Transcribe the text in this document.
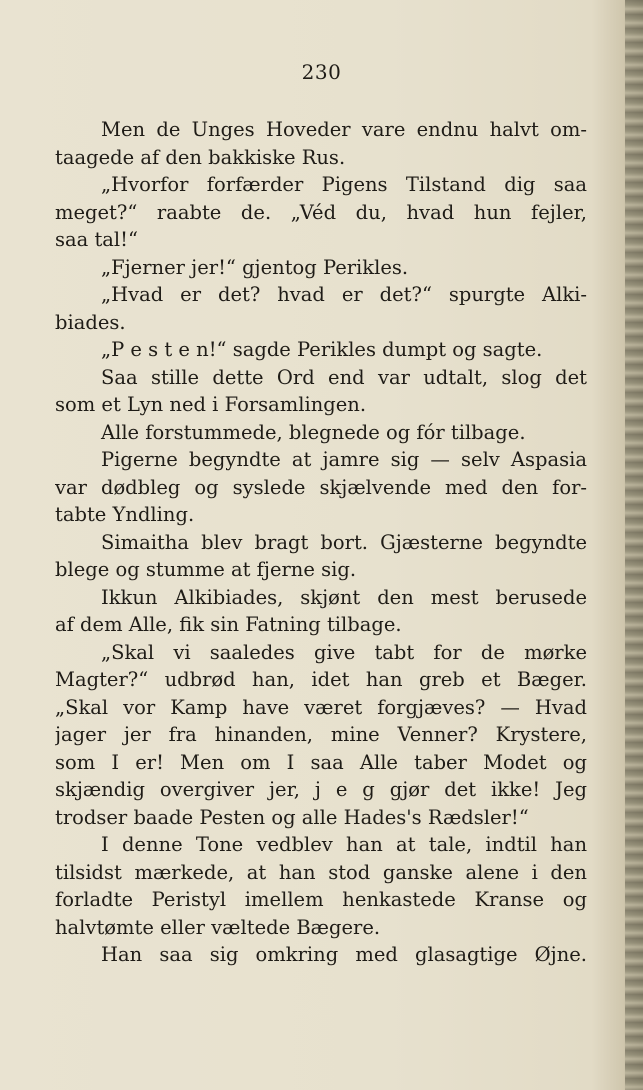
230
Men de Unges Hoveder vare endnu halvt om-
taagede af den bakkiske Rus.
„Hvorfor forfærder Pigens Tilstand dig saa
meget?“ raabte de. „Véd du, hvad hun fejler,
saa tal!“
„Fjerner jer!“ gjentog Perikles.
„Hvad er det? hvad er det?“ spurgte Alki-
biades.
„P e s t e n!“ sagde Perikles dumpt og sagte.
Saa stille dette Ord end var udtalt, slog det
som et Lyn ned i Forsamlingen.
Alle forstummede, blegnede og fór tilbage.
Pigerne begyndte at jamre sig — selv Aspasia
var dødbleg og syslede skjælvende med den for-
tabte Yndling.
Simaitha blev bragt bort. Gjæsterne begyndte
blege og stumme at fjerne sig.
Ikkun Alkibiades, skjønt den mest berusede
af dem Alle, fik sin Fatning tilbage.
„Skal vi saaledes give tabt for de mørke
Magter?“ udbrød han, idet han greb et Bæger.
„Skal vor Kamp have været forgjæves? — Hvad
jager jer fra hinanden, mine Venner? Krystere,
som I er! Men om I saa Alle taber Modet og
skjændig overgiver jer, j e g gjør det ikke! Jeg
trodser baade Pesten og alle Hades's Rædsler!“
I denne Tone vedblev han at tale, indtil han
tilsidst mærkede, at han stod ganske alene i den
forladte Peristyl imellem henkastede Kranse og
halvtømte eller væltede Bægere.
Han saa sig omkring med glasagtige Øjne.
